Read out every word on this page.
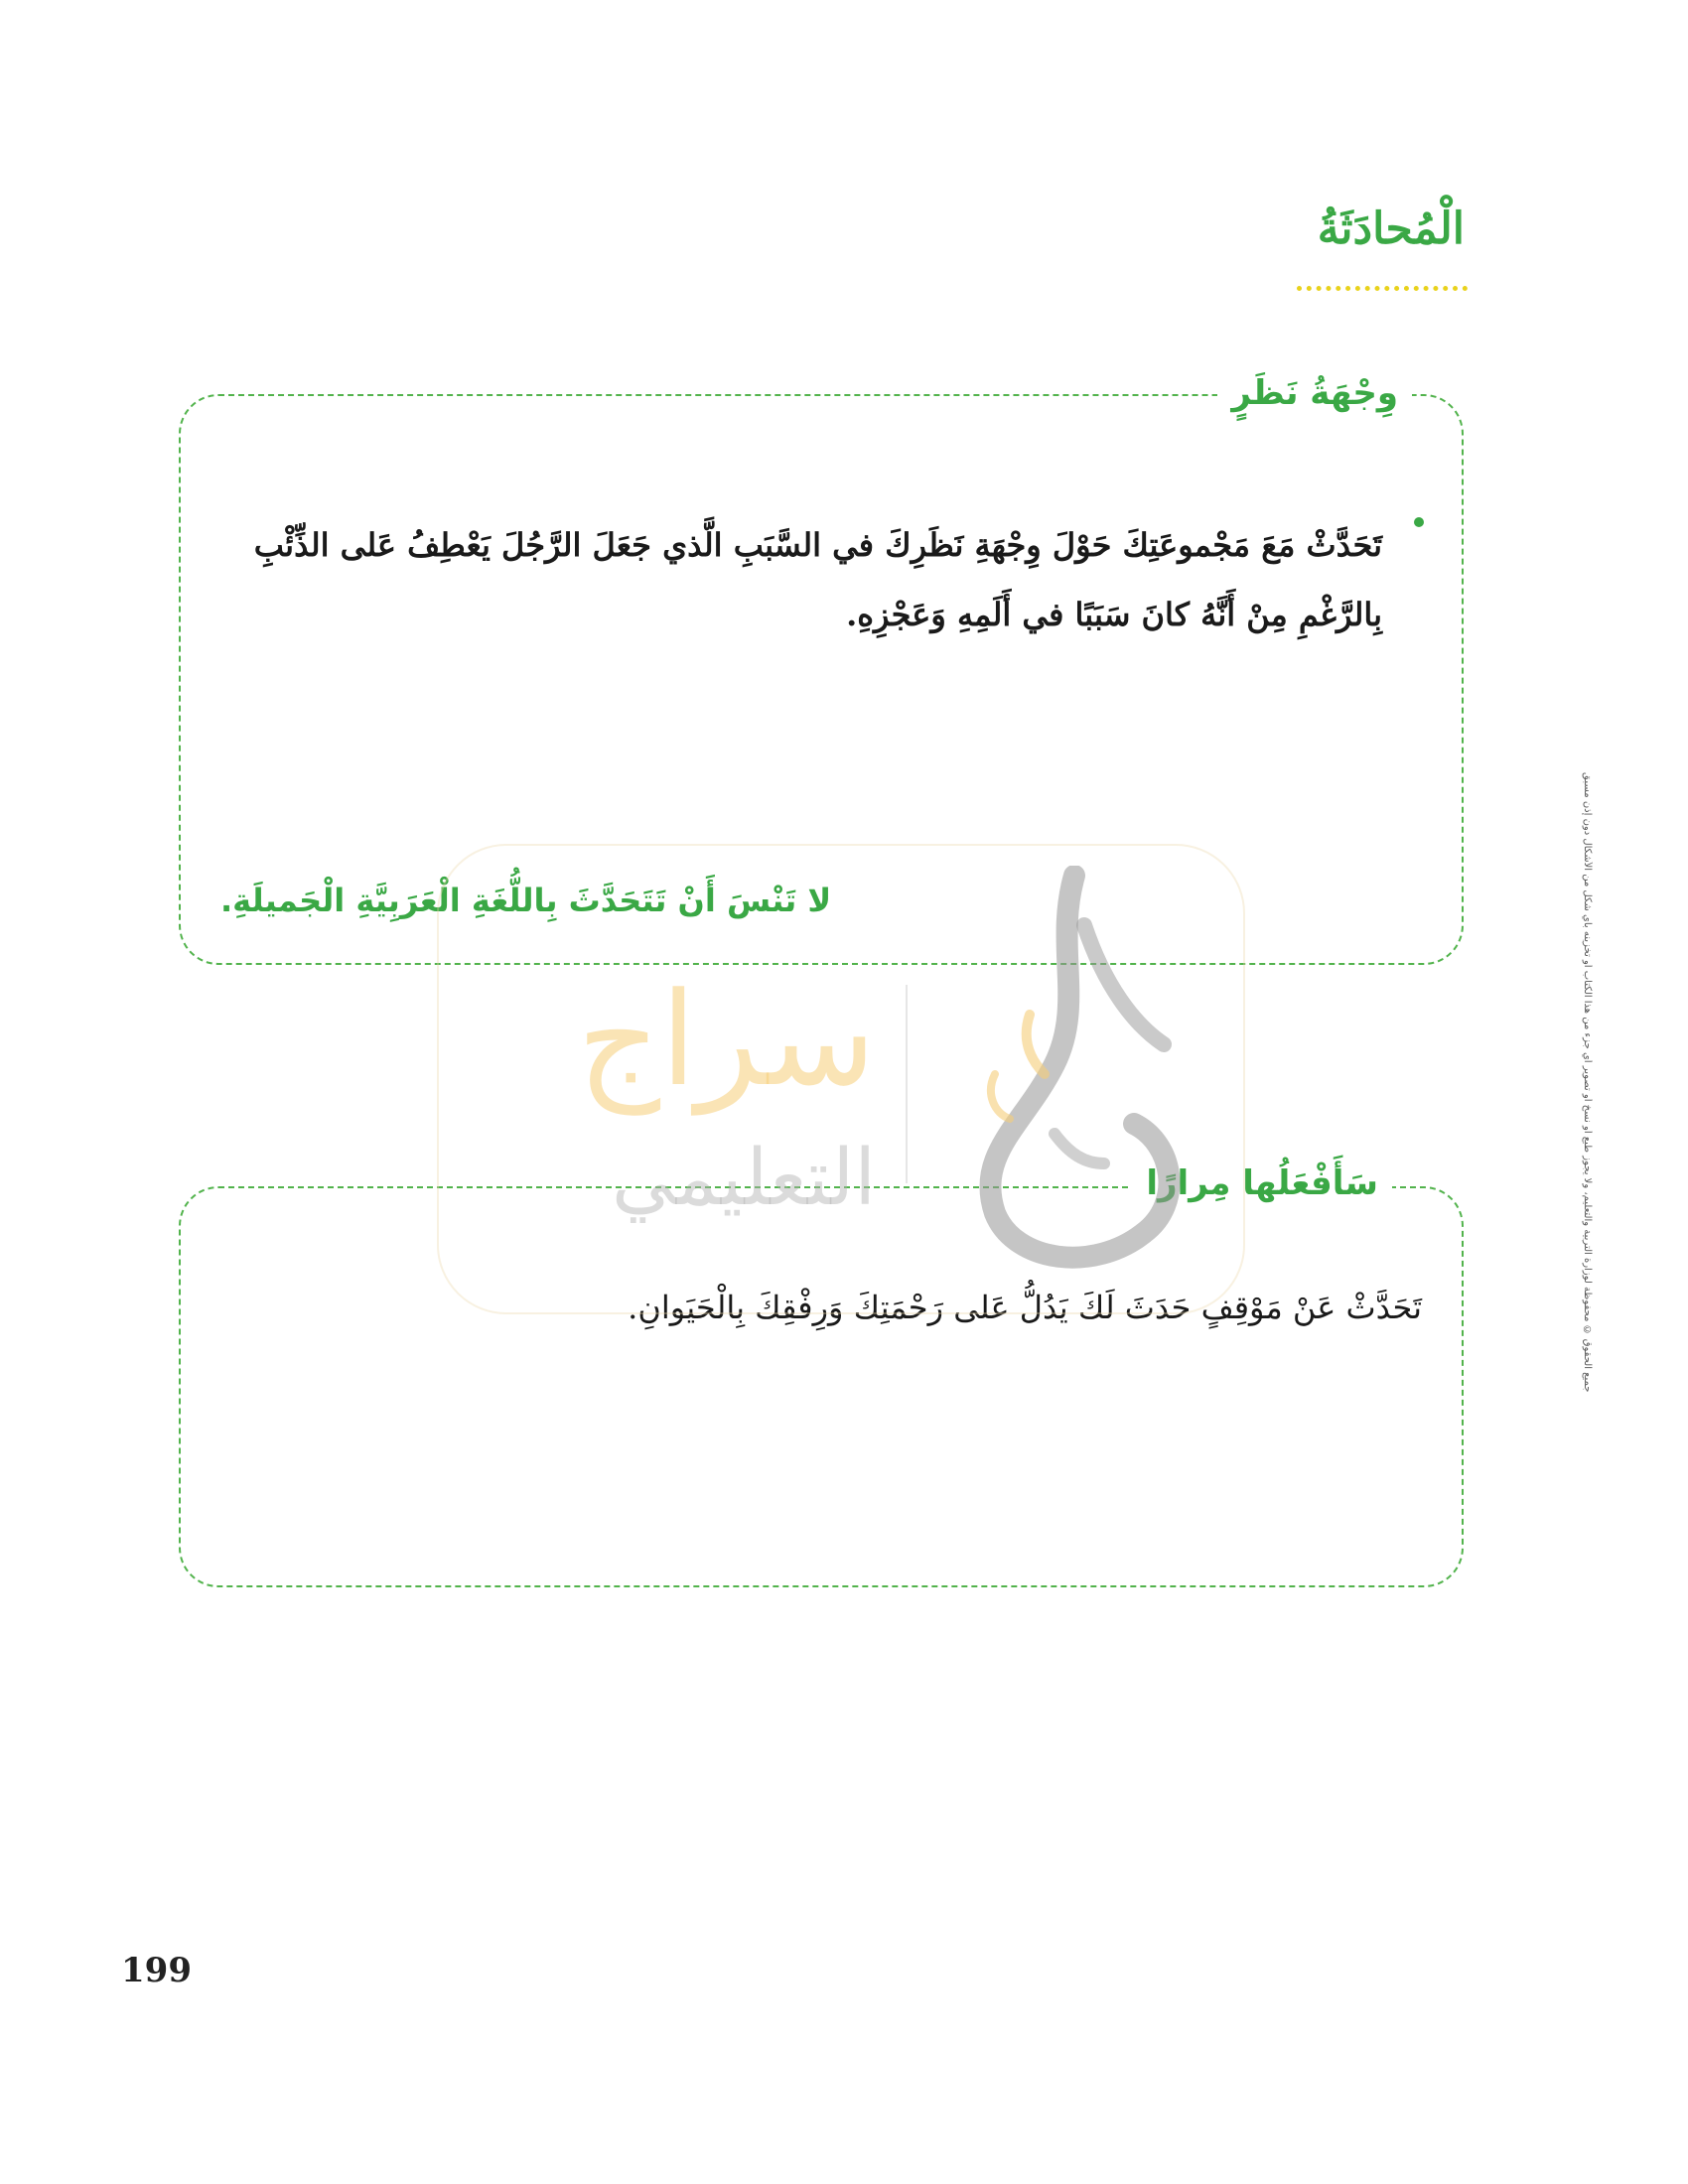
الْمُحادَثَةُ
وِجْهَةُ نَظَرٍ
تَحَدَّثْ مَعَ مَجْموعَتِكَ حَوْلَ وِجْهَةِ نَظَرِكَ في السَّبَبِ الَّذي جَعَلَ الرَّجُلَ يَعْطِفُ عَلى الذِّئْبِ بِالرَّغْمِ مِنْ أَنَّهُ كانَ سَبَبًا في أَلَمِهِ وَعَجْزِهِ.
لا تَنْسَ أَنْ تَتَحَدَّثَ بِاللُّغَةِ الْعَرَبِيَّةِ الْجَميلَةِ.
سَأَفْعَلُها مِرارًا
تَحَدَّثْ عَنْ مَوْقِفٍ حَدَثَ لَكَ يَدُلُّ عَلى رَحْمَتِكَ وَرِفْقِكَ بِالْحَيَوانِ.	جميع الحقوق © محفوظة لوزارة التربية والتعليم، ولا يجوز طبع أو نسخ أو تصوير أي جزء من هذا الكتاب أو تخزينه بأي شكل من الأشكال دون إذن مسبق
سراج
التعليمي
199
